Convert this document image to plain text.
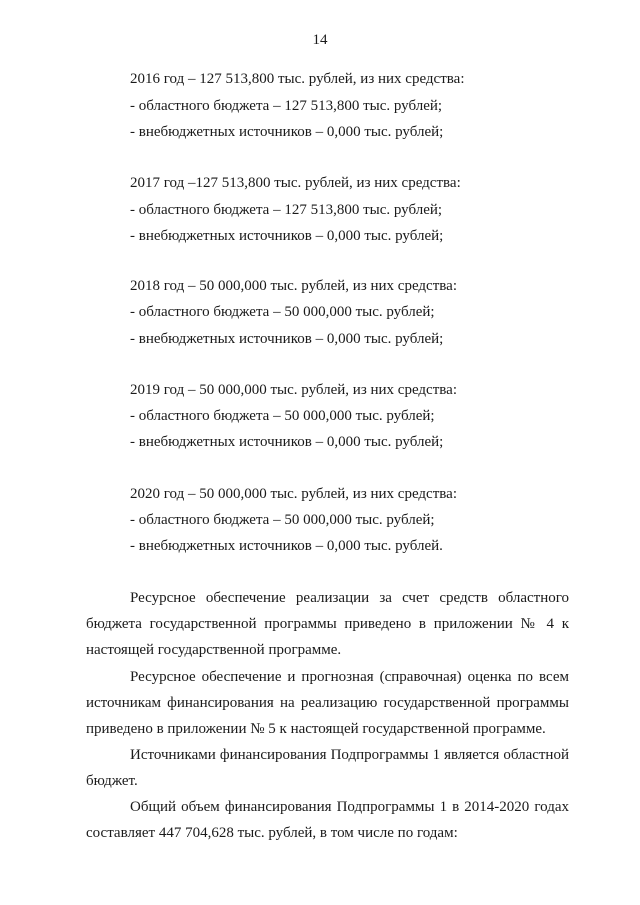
14
2016 год – 127 513,800 тыс. рублей, из них средства:
- областного бюджета – 127 513,800 тыс. рублей;
- внебюджетных источников – 0,000 тыс. рублей;
2017 год –127 513,800 тыс. рублей, из них средства:
- областного бюджета – 127 513,800 тыс. рублей;
- внебюджетных источников – 0,000 тыс. рублей;
2018 год – 50 000,000 тыс. рублей, из них средства:
- областного бюджета – 50 000,000 тыс. рублей;
- внебюджетных источников – 0,000 тыс. рублей;
2019 год – 50 000,000 тыс. рублей, из них средства:
- областного бюджета – 50 000,000 тыс. рублей;
- внебюджетных источников – 0,000 тыс. рублей;
2020 год – 50 000,000 тыс. рублей, из них средства:
- областного бюджета – 50 000,000 тыс. рублей;
- внебюджетных источников – 0,000 тыс. рублей.
Ресурсное обеспечение реализации за счет средств областного бюджета государственной программы приведено в приложении № 4 к настоящей государственной программе.
Ресурсное обеспечение и прогнозная (справочная) оценка по всем источникам финансирования на реализацию государственной программы приведено в приложении № 5 к настоящей государственной программе.
Источниками финансирования Подпрограммы 1 является областной бюджет.
Общий объем финансирования Подпрограммы 1 в 2014-2020 годах составляет 447 704,628 тыс. рублей, в том числе по годам:
